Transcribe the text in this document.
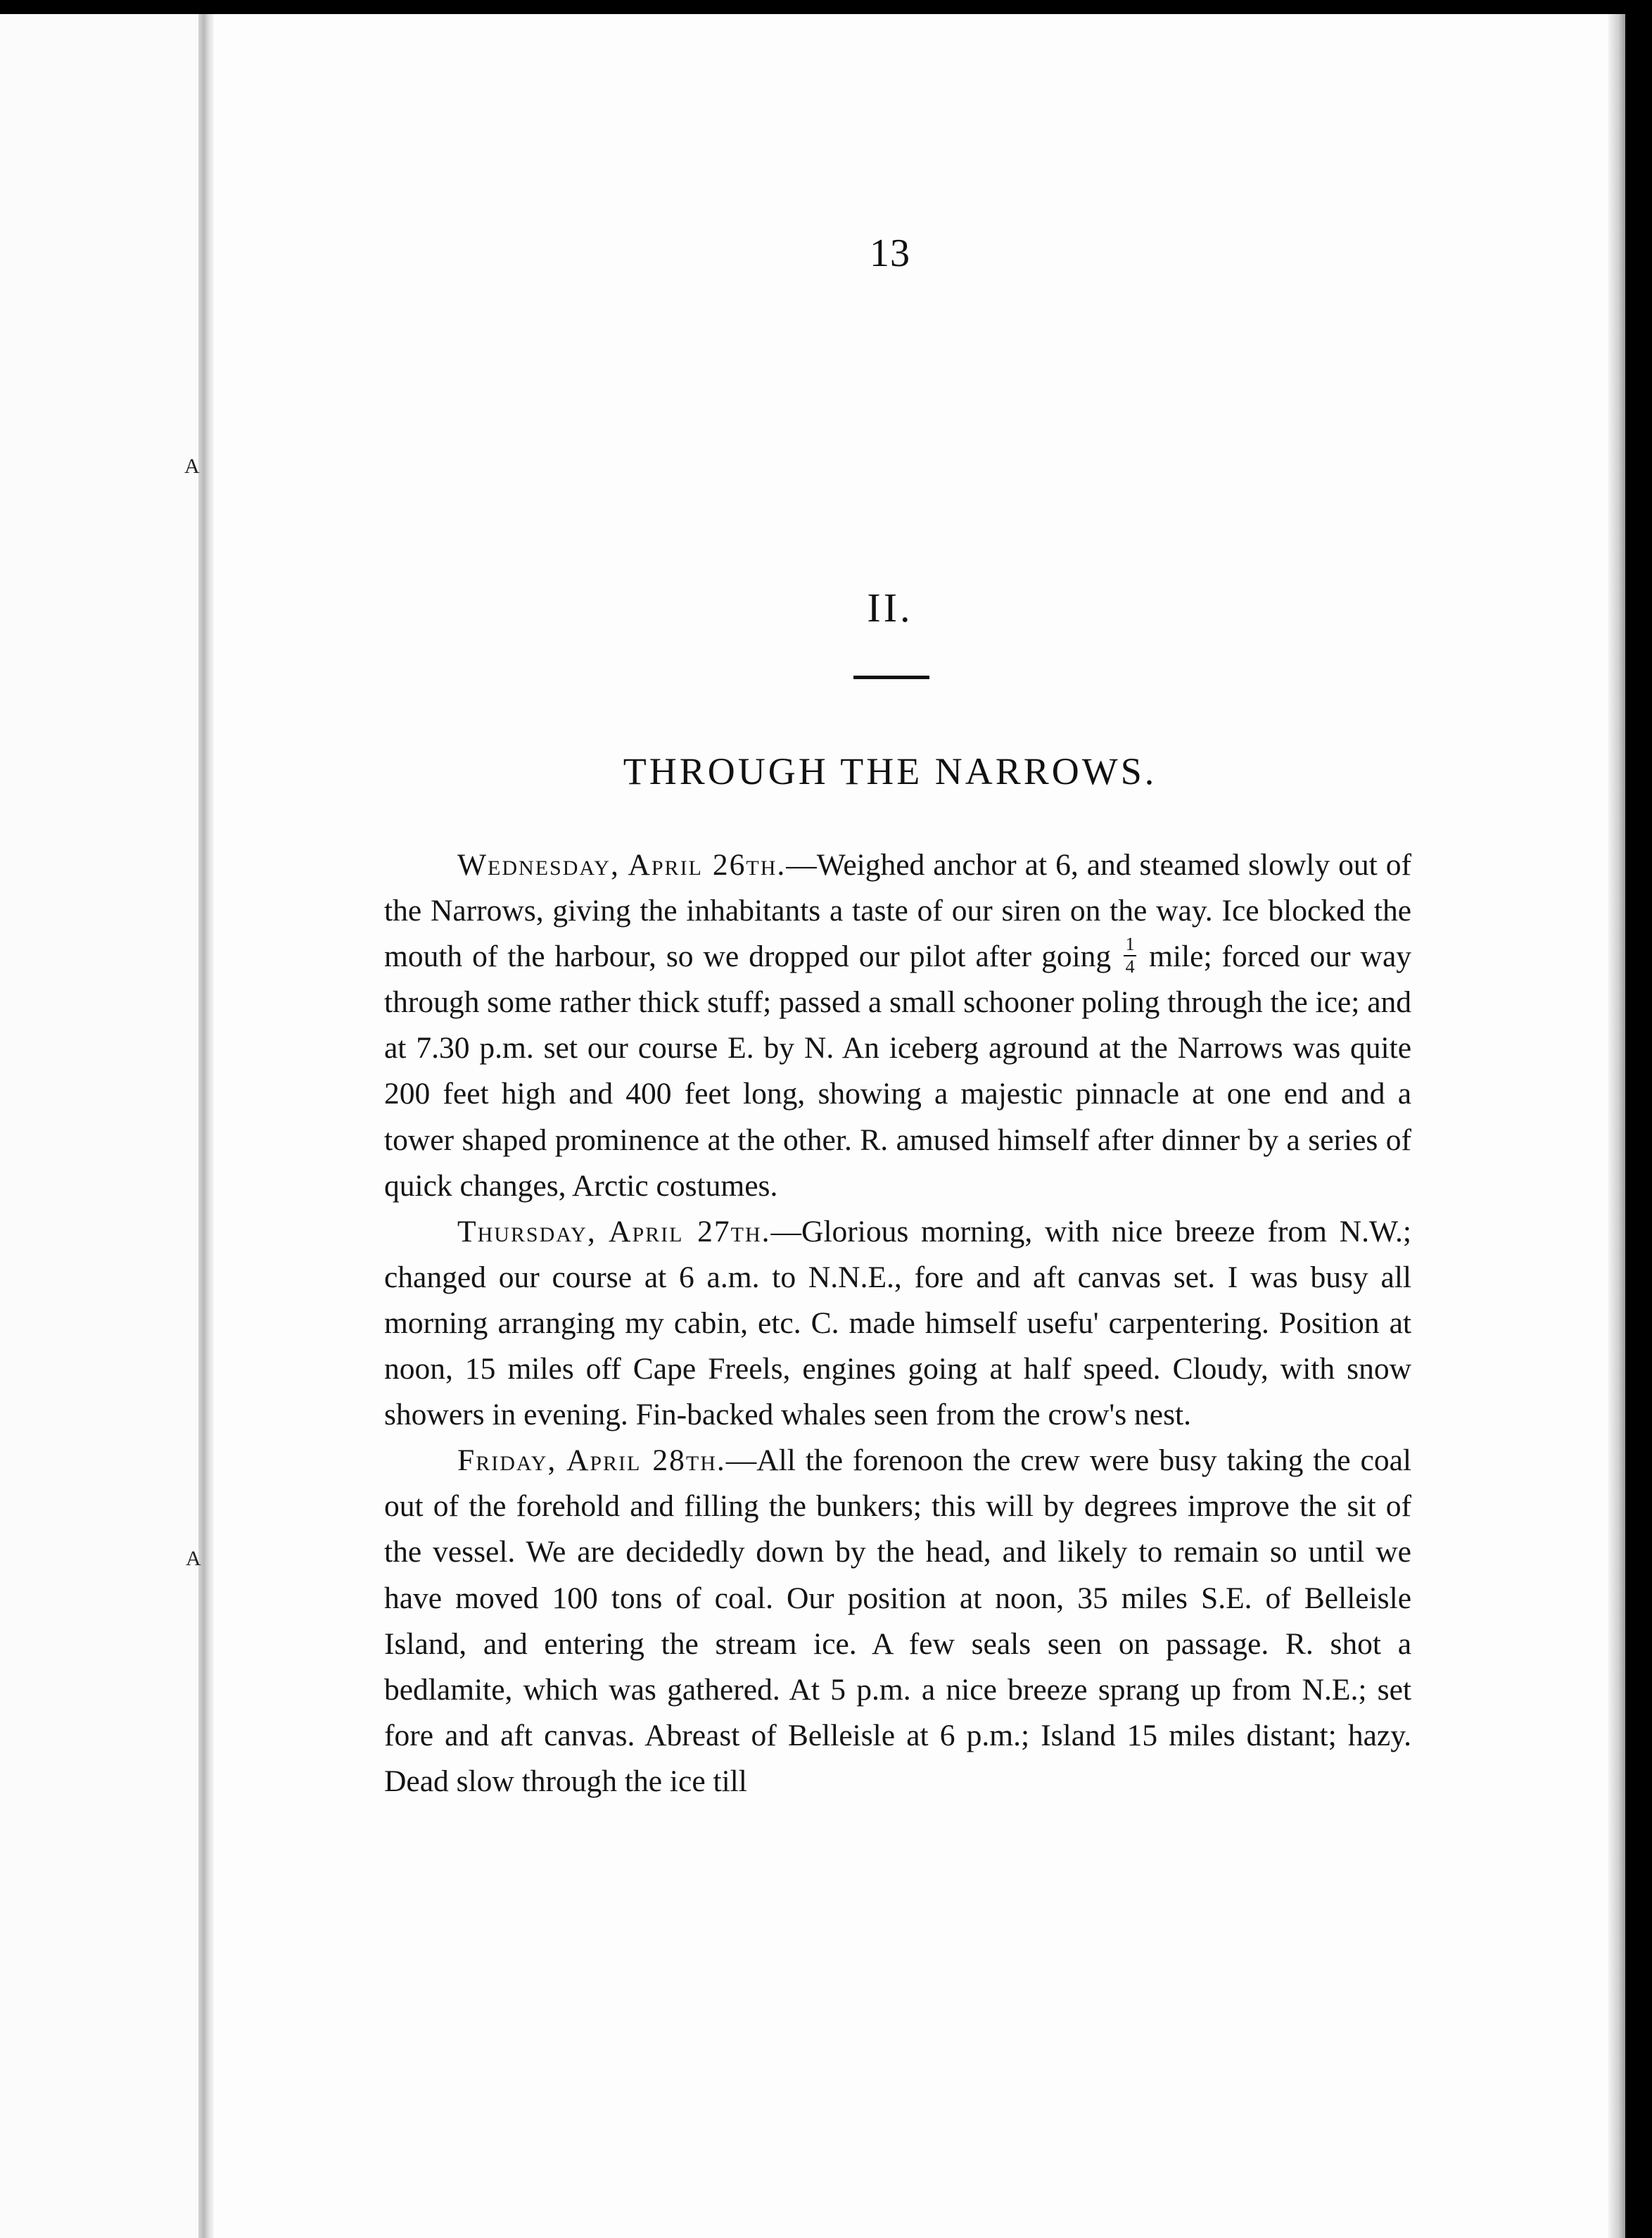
A
A
13
II.
THROUGH THE NARROWS.

Wednesday, April 26th.—Weighed anchor at 6, and steamed slowly out of the Narrows, giving the inhabitants a taste of our siren on the way. Ice blocked the mouth of the harbour, so we dropped our pilot after going $\frac{1}{4}$ mile; forced our way through some rather thick stuff; passed a small schooner poling through the ice; and at 7.30 p.m. set our course E. by N. An iceberg aground at the Narrows was quite 200 feet high and 400 feet long, showing a majestic pinnacle at one end and a tower shaped prominence at the other. R. amused himself after dinner by a series of quick changes, Arctic costumes.

Thursday, April 27th.—Glorious morning, with nice breeze from N.W.; changed our course at 6 a.m. to N.N.E., fore and aft canvas set. I was busy all morning arranging my cabin, etc. C. made himself usefu' carpentering. Position at noon, 15 miles off Cape Freels, engines going at half speed. Cloudy, with snow showers in evening. Fin-backed whales seen from the crow's nest.

Friday, April 28th.—All the forenoon the crew were busy taking the coal out of the forehold and filling the bunkers; this will by degrees improve the sit of the vessel. We are decidedly down by the head, and likely to remain so until we have moved 100 tons of coal. Our position at noon, 35 miles S.E. of Belleisle Island, and entering the stream ice. A few seals seen on passage. R. shot a bedlamite, which was gathered. At 5 p.m. a nice breeze sprang up from N.E.; set fore and aft canvas. Abreast of Belleisle at 6 p.m.; Island 15 miles distant; hazy. Dead slow through the ice till
